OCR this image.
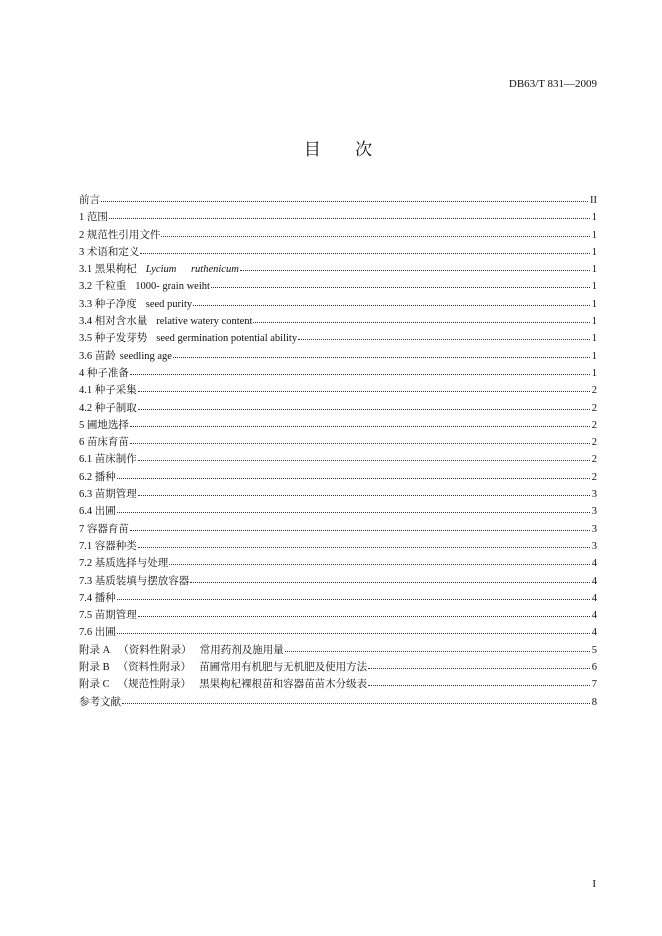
DB63/T 831—2009
目 次
前言	II
1 范围	1
2 规范性引用文件	1
3 术语和定义	1
3.1 黑果枸杞 Lycium ruthenicum	1
3.2 千粒重 1000- grain weiht	1
3.3 种子净度 seed purity	1
3.4 相对含水量 relative watery content	1
3.5 种子发芽势 seed germination potential ability	1
3.6 苗龄 seedling age	1
4 种子准备	1
4.1 种子采集	2
4.2 种子制取	2
5 圃地选择	2
6 苗床育苗	2
6.1 苗床制作	2
6.2 播种	2
6.3 苗期管理	3
6.4 出圃	3
7 容器育苗	3
7.1 容器种类	3
7.2 基质选择与处理	4
7.3 基质装填与摆放容器	4
7.4 播种	4
7.5 苗期管理	4
7.6 出圃	4
附录 A （资料性附录） 常用药剂及施用量	5
附录 B （资料性附录） 苗圃常用有机肥与无机肥及使用方法	6
附录 C （规范性附录） 黑果枸杞裸根苗和容器苗苗木分级表	7
参考文献	8
I
